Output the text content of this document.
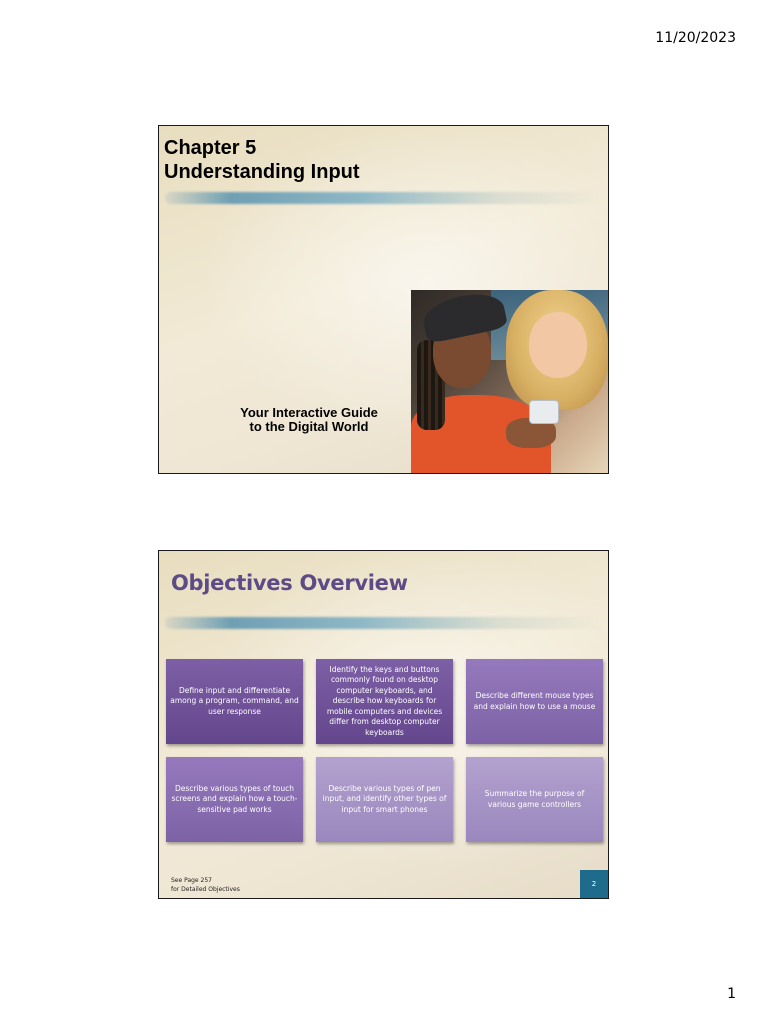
11/20/2023
Chapter 5
Understanding Input
Your Interactive Guide
to the Digital World
Objectives Overview
Define input and differentiate among a program, command, and user response
Identify the keys and buttons commonly found on desktop computer keyboards, and describe how keyboards for mobile computers and devices differ from desktop computer keyboards
Describe different mouse types and explain how to use a mouse
Describe various types of touch screens and explain how a touch-sensitive pad works
Describe various types of pen input, and identify other types of input for smart phones
Summarize the purpose of various game controllers
See Page 257
for Detailed Objectives
2
1
